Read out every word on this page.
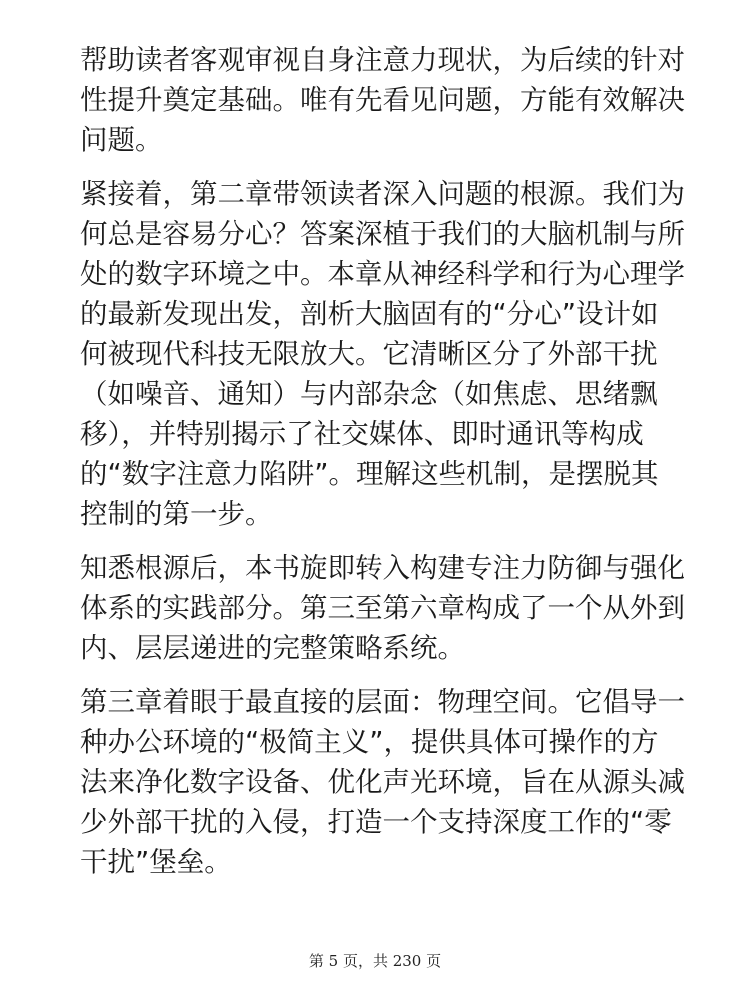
帮助读者客观审视自身注意力现状，为后续的针对
性提升奠定基础。唯有先看见问题，方能有效解决
问题。

紧接着，第二章带领读者深入问题的根源。我们为
何总是容易分心？答案深植于我们的大脑机制与所
处的数字环境之中。本章从神经科学和行为心理学
的最新发现出发，剖析大脑固有的“分心”设计如
何被现代科技无限放大。它清晰区分了外部干扰
（如噪音、通知）与内部杂念（如焦虑、思绪飘
移），并特别揭示了社交媒体、即时通讯等构成
的“数字注意力陷阱”。理解这些机制，是摆脱其
控制的第一步。

知悉根源后，本书旋即转入构建专注力防御与强化
体系的实践部分。第三至第六章构成了一个从外到
内、层层递进的完整策略系统。

第三章着眼于最直接的层面：物理空间。它倡导一
种办公环境的“极简主义”，提供具体可操作的方
法来净化数字设备、优化声光环境，旨在从源头减
少外部干扰的入侵，打造一个支持深度工作的“零
干扰”堡垒。

第 5 页，共 230 页
